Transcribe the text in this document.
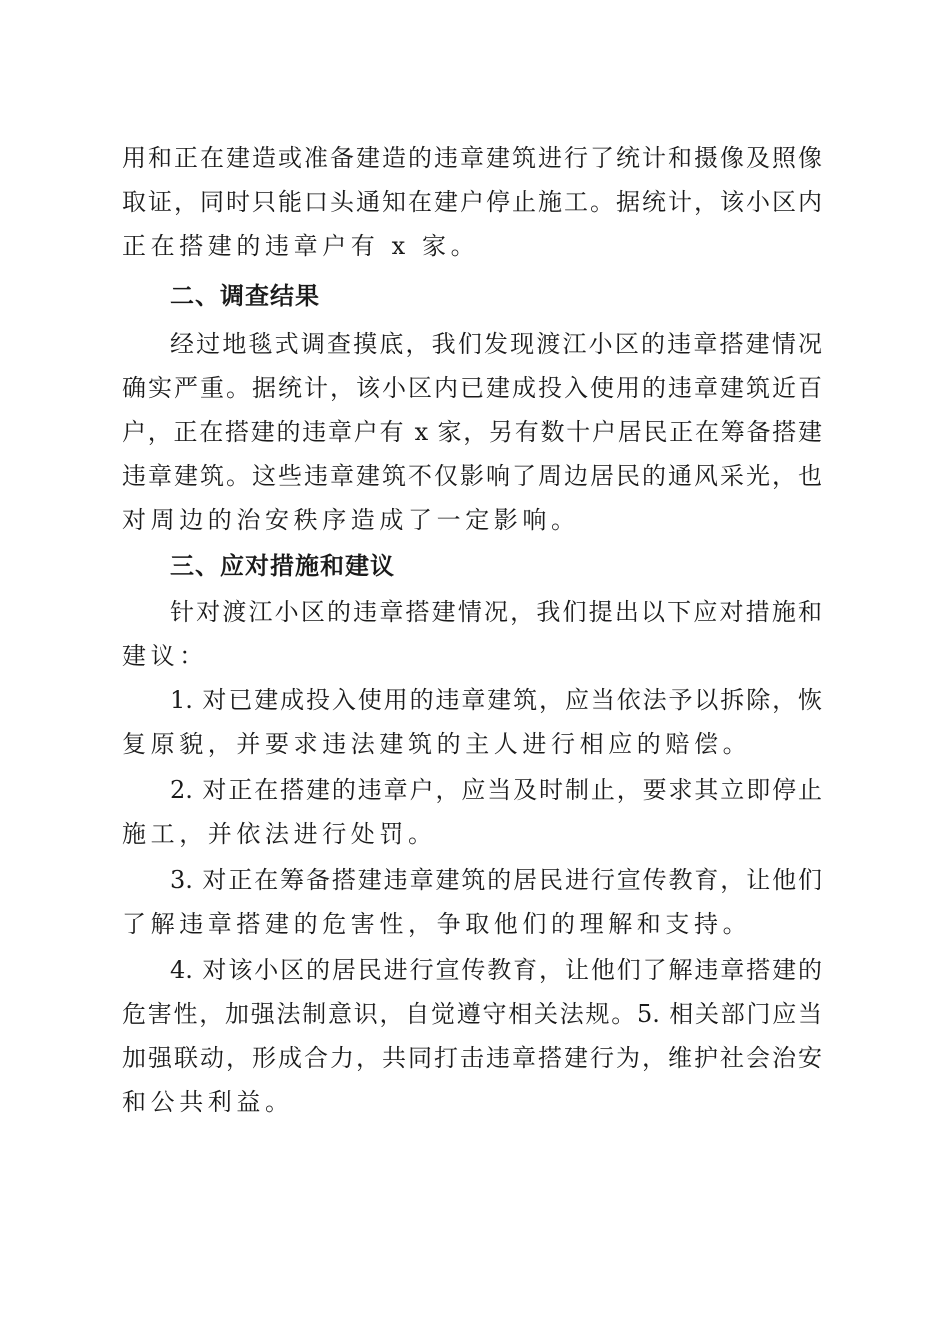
用和正在建造或准备建造的违章建筑进行了统计和摄像及照像
取证，同时只能口头通知在建户停止施工。据统计，该小区内
正在搭建的违章户有 x 家。
二、调查结果
经过地毯式调查摸底，我们发现渡江小区的违章搭建情况
确实严重。据统计，该小区内已建成投入使用的违章建筑近百
户，正在搭建的违章户有 x 家，另有数十户居民正在筹备搭建
违章建筑。这些违章建筑不仅影响了周边居民的通风采光，也
对周边的治安秩序造成了一定影响。
三、应对措施和建议
针对渡江小区的违章搭建情况，我们提出以下应对措施和
建议：
1. 对已建成投入使用的违章建筑，应当依法予以拆除，恢
复原貌，并要求违法建筑的主人进行相应的赔偿。
2. 对正在搭建的违章户，应当及时制止，要求其立即停止
施工，并依法进行处罚。
3. 对正在筹备搭建违章建筑的居民进行宣传教育，让他们
了解违章搭建的危害性，争取他们的理解和支持。
4. 对该小区的居民进行宣传教育，让他们了解违章搭建的
危害性，加强法制意识，自觉遵守相关法规。5. 相关部门应当
加强联动，形成合力，共同打击违章搭建行为，维护社会治安
和公共利益。
